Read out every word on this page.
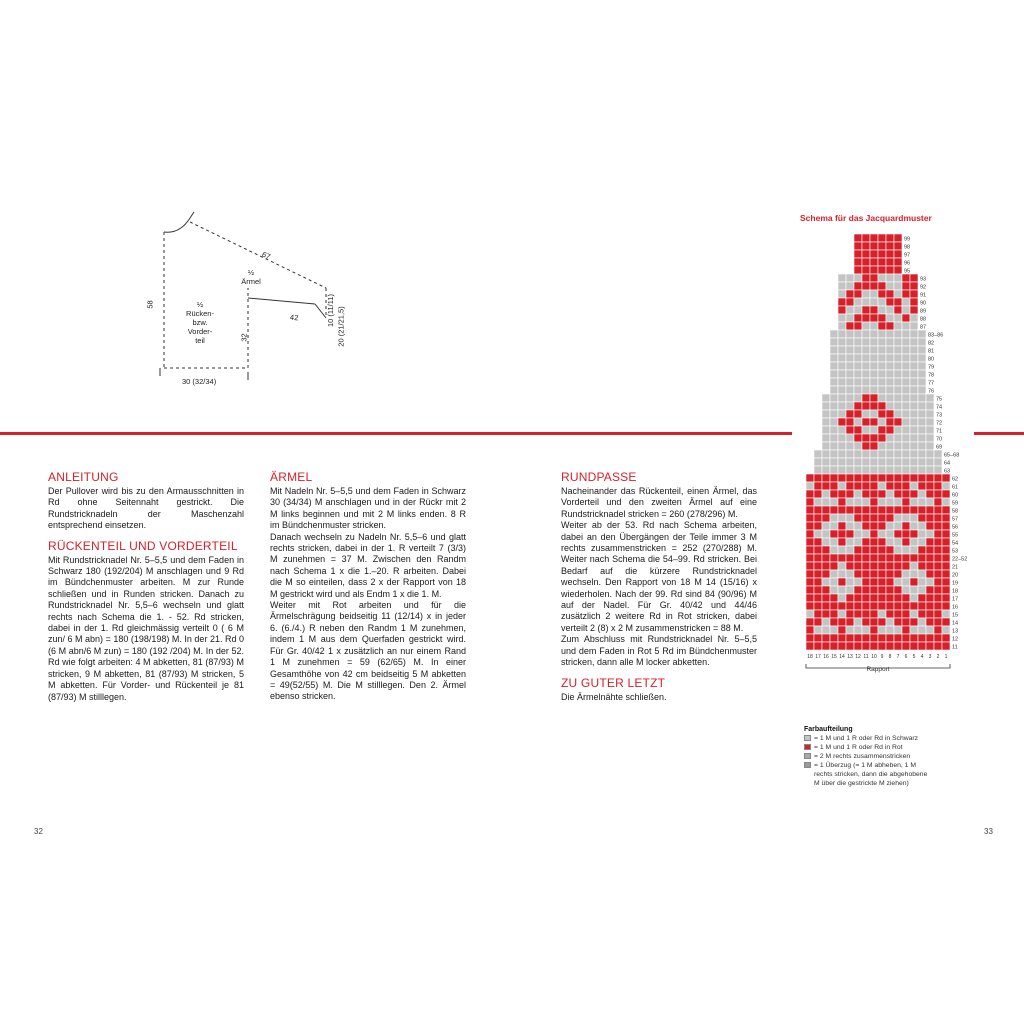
½
Rücken-
bzw.
Vorder-
teil
½
Ärmel
58
30 (32/34)
32
67
42	10 (11/11) 20 (21/21,5)
ANLEITUNG

Der Pullover wird bis zu den Armausschnitten in Rd ohne Seitennaht gestrickt. Die Rundstricknadeln der Maschenzahl entsprechend einsetzen.

RÜCKENTEIL UND VORDERTEIL

Mit Rundstricknadel Nr. 5–5,5 und dem Faden in Schwarz 180 (192/204) M anschlagen und 9 Rd im Bündchenmuster arbeiten. M zur Runde schließen und in Runden stricken. Danach zu Rundstricknadel Nr. 5,5–6 wechseln und glatt rechts nach Schema die 1. - 52. Rd stricken, dabei in der 1. Rd gleichmässig verteilt 0 ( 6 M zun/ 6 M abn) = 180 (198/198) M. In der 21. Rd 0 (6 M abn/6 M zun) = 180 (192 /204) M. In der 52. Rd wie folgt arbeiten: 4 M abketten, 81 (87/93) M stricken, 9 M abketten, 81 (87/93) M stricken, 5 M abketten. Für Vorder- und Rückenteil je 81 (87/93) M stilllegen.

ÄRMEL

Mit Nadeln Nr. 5–5,5 und dem Faden in Schwarz 30 (34/34) M anschlagen und in der Rückr mit 2 M links beginnen und mit 2 M links enden. 8 R im Bündchenmuster stricken.

Danach wechseln zu Nadeln Nr. 5,5–6 und glatt rechts stricken, dabei in der 1. R verteilt 7 (3/3) M zunehmen = 37 M. Zwischen den Randm nach Schema 1 x die 1.–20. R arbeiten. Dabei die M so einteilen, dass 2 x der Rapport von 18 M gestrickt wird und als Endm 1 x die 1. M.

Weiter mit Rot arbeiten und für die Ärmelschrägung beidseitig 11 (12/14) x in jeder 6. (6./4.) R neben den Randm 1 M zunehmen, indem 1 M aus dem Querfaden gestrickt wird. Für Gr. 40/42 1 x zusätzlich an nur einem Rand 1 M zunehmen = 59 (62/65) M. In einer Gesamthöhe von 42 cm beidseitig 5 M abketten = 49(52/55) M. Die M stilllegen. Den 2. Ärmel ebenso stricken.

RUNDPASSE

Nacheinander das Rückenteil, einen Ärmel, das Vorderteil und den zweiten Ärmel auf eine Rundstricknadel stricken = 260 (278/296) M.

Weiter ab der 53. Rd nach Schema arbeiten, dabei an den Übergängen der Teile immer 3 M rechts zusammenstricken = 252 (270/288) M. Weiter nach Schema die 54–99. Rd stricken. Bei Bedarf auf die kürzere Rundstricknadel wechseln. Den Rapport von 18 M 14 (15/16) x wiederholen. Nach der 99. Rd sind 84 (90/96) M auf der Nadel. Für Gr. 40/42 und 44/46 zusätzlich 2 weitere Rd in Rot stricken, dabei verteilt 2 (8) x 2 M zusammenstricken = 88 M.

Zum Abschluss mit Rundstricknadel Nr. 5–5,5 und dem Faden in Rot 5 Rd im Bündchenmuster stricken, dann alle M locker abketten.

ZU GUTER LETZT

Die Ärmelnähte schließen.

Schema für das Jacquardmuster
99
98
97
96
95
93
92
91
90
89
88
87
83–86
82
81
80
79
78
77
76
75
74
73
72
71
70
69
65–68
64
63
62
61
60
59
58
57
56
55
54
53
22–52
21
20
19
18
17
16
15
14
13
12
11
18 17 16 15 14 13 12 11 10 9 8 7 6 5 4 3 2 1
Rapport
Farbaufteilung
= 1 M und 1 R oder Rd in Schwarz
= 1 M und 1 R oder Rd in Rot
= 2 M rechts zusammenstricken
= 1 Überzug (= 1 M abheben, 1 M
rechts stricken, dann die abgehobene
M über die gestrickte M ziehen)
32	33
